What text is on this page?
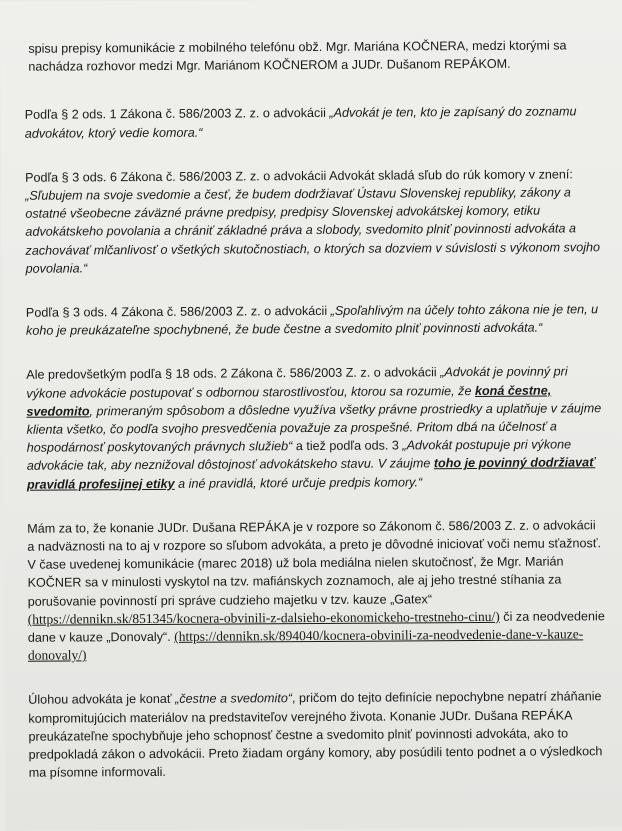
spisu prepisy komunikácie z mobilného telefónu obž. Mgr. Mariána KOČNERA, medzi ktorými sa
nachádza rozhovor medzi Mgr. Mariánom KOČNEROM a JUDr. Dušanom REPÁKOM.

Podľa § 2 ods. 1 Zákona č. 586/2003 Z. z. o advokácii „Advokát je ten, kto je zapísaný do zoznamu advokátov, ktorý vedie komora.“

Podľa § 3 ods. 6 Zákona č. 586/2003 Z. z. o advokácii Advokát skladá sľub do rúk komory v znení: „Sľubujem na svoje svedomie a česť, že budem dodržiavať Ústavu Slovenskej republiky, zákony a ostatné všeobecne záväzné právne predpisy, predpisy Slovenskej advokátskej komory, etiku advokátskeho povolania a chrániť základné práva a slobody, svedomito plniť povinnosti advokáta a zachovávať mlčanlivosť o všetkých skutočnostiach, o ktorých sa dozviem v súvislosti s výkonom svojho povolania.“

Podľa § 3 ods. 4 Zákona č. 586/2003 Z. z. o advokácii „Spoľahlivým na účely tohto zákona nie je ten, u koho je preukázateľne spochybnené, že bude čestne a svedomito plniť povinnosti advokáta.“

Ale predovšetkým podľa § 18 ods. 2 Zákona č. 586/2003 Z. z. o advokácii „Advokát je povinný pri výkone advokácie postupovať s odbornou starostlivosťou, ktorou sa rozumie, že koná čestne, svedomito, primeraným spôsobom a dôsledne využíva všetky právne prostriedky a uplatňuje v záujme klienta všetko, čo podľa svojho presvedčenia považuje za prospešné. Pritom dbá na účelnosť a hospodárnosť poskytovaných právnych služieb“ a tiež podľa ods. 3 „Advokát postupuje pri výkone advokácie tak, aby neznižoval dôstojnosť advokátskeho stavu. V záujme toho je povinný dodržiavať pravidlá profesijnej etiky a iné pravidlá, ktoré určuje predpis komory.“

Mám za to, že konanie JUDr. Dušana REPÁKA je v rozpore so Zákonom č. 586/2003 Z. z. o advokácii a nadväznosti na to aj v rozpore so sľubom advokáta, a preto je dôvodné iniciovať voči nemu sťažnosť. V čase uvedenej komunikácie (marec 2018) už bola mediálna nielen skutočnosť, že Mgr. Marián KOČNER sa v minulosti vyskytol na tzv. mafiánskych zoznamoch, ale aj jeho trestné stíhania za porušovanie povinností pri správe cudzieho majetku v tzv. kauze „Gatex“ (https://dennikn.sk/851345/kocnera-obvinili-z-dalsieho-ekonomickeho-trestneho-cinu/) či za neodvedenie dane v kauze „Donovaly“. (https://dennikn.sk/894040/kocnera-obvinili-za-neodvedenie-dane-v-kauze-donovaly/)

Úlohou advokáta je konať „čestne a svedomito“, pričom do tejto definície nepochybne nepatrí zháňanie kompromitujúcich materiálov na predstaviteľov verejného života. Konanie JUDr. Dušana REPÁKA preukázateľne spochybňuje jeho schopnosť čestne a svedomito plniť povinnosti advokáta, ako to predpokladá zákon o advokácii. Preto žiadam orgány komory, aby posúdili tento podnet a o výsledkoch ma písomne informovali.
